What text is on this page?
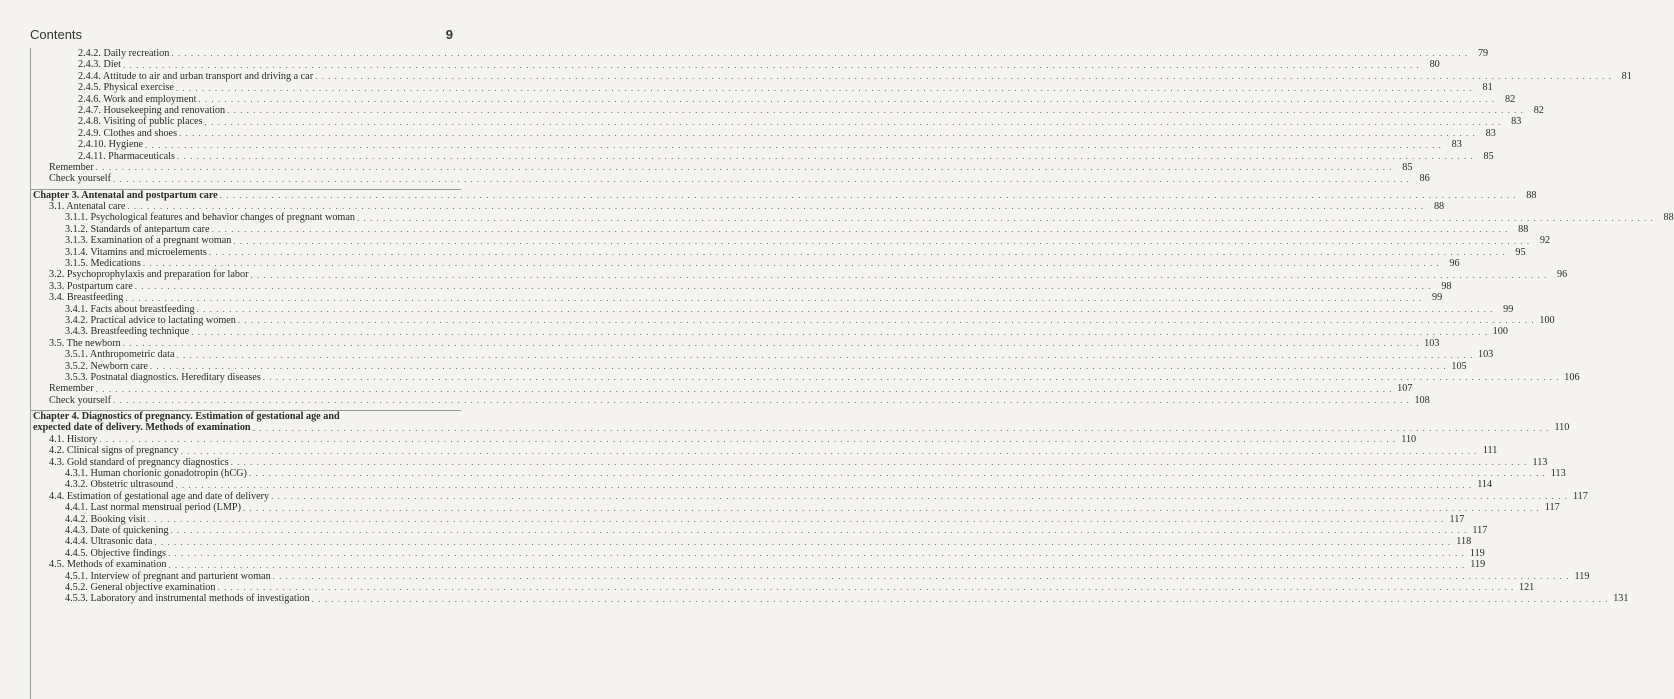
Contents	9
2.4.2. Daily recreation . . . . . . . . . . . . . . . . . . . . . . . . . . . . . . . . . . . . . . . . . . . . . . . . . . . . . . . . . . . . . . . . . . . . . . . . . . . . . . . . . . . . . . . . . . . . . . . . . . . . . . . . . . . . . . . . . . . . . . . . . . . . . . . . . . . . . . . . . . . . . . . . . . . . . . . . . . . . . . . . . . . . . . . . . . . . . . . . . . . . . . . . . . . . . . . . . . . . . . . . 79
2.4.3. Diet . . . . . . . . . . . . . . . . . . . . . . . . . . . . . . . . . . . . . . . . . . . . . . . . . . . . . . . . . . . . . . . . . . . . . . . . . . . . . . . . . . . . . . . . . . . . . . . . . . . . . . . . . . . . . . . . . . . . . . . . . . . . . . . . . . . . . . . . . . . . . . . . . . . . . . . . . . . . . . . . . . . . . . . . . . . . . . . . . . . . . . . . . . . . . . . . . . . . . . . . 80
2.4.4. Attitude to air and urban transport and driving a car . . . . . . . . . . . . . . . . . . . . . . . . . . . . . . . . . . . . . . . . . . . . . . . . . . . . . . . . . . . . . . . . . . . . . . . . . . . . . . . . . . . . . . . . . . . . . . . . . . . . . . . . . . . . . . . . . . . . . . . . . . . . . . . . . . . . . . . . . . . . . . . . . . . . . . . . . . . . . . . . . . . . . . . . . . . . . . . . . . . . . . . . . . . . . . . . . . . . . . . . 81
2.4.5. Physical exercise . . . . . . . . . . . . . . . . . . . . . . . . . . . . . . . . . . . . . . . . . . . . . . . . . . . . . . . . . . . . . . . . . . . . . . . . . . . . . . . . . . . . . . . . . . . . . . . . . . . . . . . . . . . . . . . . . . . . . . . . . . . . . . . . . . . . . . . . . . . . . . . . . . . . . . . . . . . . . . . . . . . . . . . . . . . . . . . . . . . . . . . . . . . . . . . . . . . . . . . . 81
2.4.6. Work and employment . . . . . . . . . . . . . . . . . . . . . . . . . . . . . . . . . . . . . . . . . . . . . . . . . . . . . . . . . . . . . . . . . . . . . . . . . . . . . . . . . . . . . . . . . . . . . . . . . . . . . . . . . . . . . . . . . . . . . . . . . . . . . . . . . . . . . . . . . . . . . . . . . . . . . . . . . . . . . . . . . . . . . . . . . . . . . . . . . . . . . . . . . . . . . . . . . . . . . . . . 82
2.4.7. Housekeeping and renovation . . . . . . . . . . . . . . . . . . . . . . . . . . . . . . . . . . . . . . . . . . . . . . . . . . . . . . . . . . . . . . . . . . . . . . . . . . . . . . . . . . . . . . . . . . . . . . . . . . . . . . . . . . . . . . . . . . . . . . . . . . . . . . . . . . . . . . . . . . . . . . . . . . . . . . . . . . . . . . . . . . . . . . . . . . . . . . . . . . . . . . . . . . . . . . . . . . . . . . . . 82
2.4.8. Visiting of public places . . . . . . . . . . . . . . . . . . . . . . . . . . . . . . . . . . . . . . . . . . . . . . . . . . . . . . . . . . . . . . . . . . . . . . . . . . . . . . . . . . . . . . . . . . . . . . . . . . . . . . . . . . . . . . . . . . . . . . . . . . . . . . . . . . . . . . . . . . . . . . . . . . . . . . . . . . . . . . . . . . . . . . . . . . . . . . . . . . . . . . . . . . . . . . . . . . . . . . . . 83
2.4.9. Clothes and shoes . . . . . . . . . . . . . . . . . . . . . . . . . . . . . . . . . . . . . . . . . . . . . . . . . . . . . . . . . . . . . . . . . . . . . . . . . . . . . . . . . . . . . . . . . . . . . . . . . . . . . . . . . . . . . . . . . . . . . . . . . . . . . . . . . . . . . . . . . . . . . . . . . . . . . . . . . . . . . . . . . . . . . . . . . . . . . . . . . . . . . . . . . . . . . . . . . . . . . . . . 83
2.4.10. Hygiene . . . . . . . . . . . . . . . . . . . . . . . . . . . . . . . . . . . . . . . . . . . . . . . . . . . . . . . . . . . . . . . . . . . . . . . . . . . . . . . . . . . . . . . . . . . . . . . . . . . . . . . . . . . . . . . . . . . . . . . . . . . . . . . . . . . . . . . . . . . . . . . . . . . . . . . . . . . . . . . . . . . . . . . . . . . . . . . . . . . . . . . . . . . . . . . . . . . . . . . . 83
2.4.11. Pharmaceuticals . . . . . . . . . . . . . . . . . . . . . . . . . . . . . . . . . . . . . . . . . . . . . . . . . . . . . . . . . . . . . . . . . . . . . . . . . . . . . . . . . . . . . . . . . . . . . . . . . . . . . . . . . . . . . . . . . . . . . . . . . . . . . . . . . . . . . . . . . . . . . . . . . . . . . . . . . . . . . . . . . . . . . . . . . . . . . . . . . . . . . . . . . . . . . . . . . . . . . . . . 85
Remember . . . . . . . . . . . . . . . . . . . . . . . . . . . . . . . . . . . . . . . . . . . . . . . . . . . . . . . . . . . . . . . . . . . . . . . . . . . . . . . . . . . . . . . . . . . . . . . . . . . . . . . . . . . . . . . . . . . . . . . . . . . . . . . . . . . . . . . . . . . . . . . . . . . . . . . . . . . . . . . . . . . . . . . . . . . . . . . . . . . . . . . . . . . . . . . . . . . . . . . . 85
Check yourself . . . . . . . . . . . . . . . . . . . . . . . . . . . . . . . . . . . . . . . . . . . . . . . . . . . . . . . . . . . . . . . . . . . . . . . . . . . . . . . . . . . . . . . . . . . . . . . . . . . . . . . . . . . . . . . . . . . . . . . . . . . . . . . . . . . . . . . . . . . . . . . . . . . . . . . . . . . . . . . . . . . . . . . . . . . . . . . . . . . . . . . . . . . . . . . . . . . . . . . . 86
Chapter 3. Antenatal and postpartum care . . . . . . . . . . . . . . . . . . . . . . . . . . . . . . . . . . . . . . . . . . . . . . . . . . . . . . . . . . . . . . . . . . . . . . . . . . . . . . . . . . . . . . . . . . . . . . . . . . . . . . . . . . . . . . . . . . . . . . . . . . . . . . . . . . . . . . . . . . . . . . . . . . . . . . . . . . . . . . . . . . . . . . . . . . . . . . . . . . . . . . . . . . . . . . . . . . . . . . . . 88
3.1. Antenatal care . . . . . . . . . . . . . . . . . . . . . . . . . . . . . . . . . . . . . . . . . . . . . . . . . . . . . . . . . . . . . . . . . . . . . . . . . . . . . . . . . . . . . . . . . . . . . . . . . . . . . . . . . . . . . . . . . . . . . . . . . . . . . . . . . . . . . . . . . . . . . . . . . . . . . . . . . . . . . . . . . . . . . . . . . . . . . . . . . . . . . . . . . . . . . . . . . . . . . . . . 88
3.1.1. Psychological features and behavior changes of pregnant woman . . . . . . . . . . . . . . . . . . . . . . . . . . . . . . . . . . . . . . . . . . . . . . . . . . . . . . . . . . . . . . . . . . . . . . . . . . . . . . . . . . . . . . . . . . . . . . . . . . . . . . . . . . . . . . . . . . . . . . . . . . . . . . . . . . . . . . . . . . . . . . . . . . . . . . . . . . . . . . . . . . . . . . . . . . . . . . . . . . . . . . . . . . . . . . . . . . . . . . . . 88
3.1.2. Standards of antepartum care . . . . . . . . . . . . . . . . . . . . . . . . . . . . . . . . . . . . . . . . . . . . . . . . . . . . . . . . . . . . . . . . . . . . . . . . . . . . . . . . . . . . . . . . . . . . . . . . . . . . . . . . . . . . . . . . . . . . . . . . . . . . . . . . . . . . . . . . . . . . . . . . . . . . . . . . . . . . . . . . . . . . . . . . . . . . . . . . . . . . . . . . . . . . . . . . . . . . . . . . 88
3.1.3. Examination of a pregnant woman . . . . . . . . . . . . . . . . . . . . . . . . . . . . . . . . . . . . . . . . . . . . . . . . . . . . . . . . . . . . . . . . . . . . . . . . . . . . . . . . . . . . . . . . . . . . . . . . . . . . . . . . . . . . . . . . . . . . . . . . . . . . . . . . . . . . . . . . . . . . . . . . . . . . . . . . . . . . . . . . . . . . . . . . . . . . . . . . . . . . . . . . . . . . . . . . . . . . . . . . 92
3.1.4. Vitamins and microelements . . . . . . . . . . . . . . . . . . . . . . . . . . . . . . . . . . . . . . . . . . . . . . . . . . . . . . . . . . . . . . . . . . . . . . . . . . . . . . . . . . . . . . . . . . . . . . . . . . . . . . . . . . . . . . . . . . . . . . . . . . . . . . . . . . . . . . . . . . . . . . . . . . . . . . . . . . . . . . . . . . . . . . . . . . . . . . . . . . . . . . . . . . . . . . . . . . . . . . . . 95
3.1.5. Medications . . . . . . . . . . . . . . . . . . . . . . . . . . . . . . . . . . . . . . . . . . . . . . . . . . . . . . . . . . . . . . . . . . . . . . . . . . . . . . . . . . . . . . . . . . . . . . . . . . . . . . . . . . . . . . . . . . . . . . . . . . . . . . . . . . . . . . . . . . . . . . . . . . . . . . . . . . . . . . . . . . . . . . . . . . . . . . . . . . . . . . . . . . . . . . . . . . . . . . . . 96
3.2. Psychoprophylaxis and preparation for labor . . . . . . . . . . . . . . . . . . . . . . . . . . . . . . . . . . . . . . . . . . . . . . . . . . . . . . . . . . . . . . . . . . . . . . . . . . . . . . . . . . . . . . . . . . . . . . . . . . . . . . . . . . . . . . . . . . . . . . . . . . . . . . . . . . . . . . . . . . . . . . . . . . . . . . . . . . . . . . . . . . . . . . . . . . . . . . . . . . . . . . . . . . . . . . . . . . . . . . . . 96
3.3. Postpartum care . . . . . . . . . . . . . . . . . . . . . . . . . . . . . . . . . . . . . . . . . . . . . . . . . . . . . . . . . . . . . . . . . . . . . . . . . . . . . . . . . . . . . . . . . . . . . . . . . . . . . . . . . . . . . . . . . . . . . . . . . . . . . . . . . . . . . . . . . . . . . . . . . . . . . . . . . . . . . . . . . . . . . . . . . . . . . . . . . . . . . . . . . . . . . . . . . . . . . . . . 98
3.4. Breastfeeding . . . . . . . . . . . . . . . . . . . . . . . . . . . . . . . . . . . . . . . . . . . . . . . . . . . . . . . . . . . . . . . . . . . . . . . . . . . . . . . . . . . . . . . . . . . . . . . . . . . . . . . . . . . . . . . . . . . . . . . . . . . . . . . . . . . . . . . . . . . . . . . . . . . . . . . . . . . . . . . . . . . . . . . . . . . . . . . . . . . . . . . . . . . . . . . . . . . . . . . . 99
3.4.1. Facts about breastfeeding . . . . . . . . . . . . . . . . . . . . . . . . . . . . . . . . . . . . . . . . . . . . . . . . . . . . . . . . . . . . . . . . . . . . . . . . . . . . . . . . . . . . . . . . . . . . . . . . . . . . . . . . . . . . . . . . . . . . . . . . . . . . . . . . . . . . . . . . . . . . . . . . . . . . . . . . . . . . . . . . . . . . . . . . . . . . . . . . . . . . . . . . . . . . . . . . . . . . . . . . 99
3.4.2. Practical advice to lactating women . . . . . . . . . . . . . . . . . . . . . . . . . . . . . . . . . . . . . . . . . . . . . . . . . . . . . . . . . . . . . . . . . . . . . . . . . . . . . . . . . . . . . . . . . . . . . . . . . . . . . . . . . . . . . . . . . . . . . . . . . . . . . . . . . . . . . . . . . . . . . . . . . . . . . . . . . . . . . . . . . . . . . . . . . . . . . . . . . . . . . . . . . . . . . . . . . . . . . . . . 100
3.4.3. Breastfeeding technique . . . . . . . . . . . . . . . . . . . . . . . . . . . . . . . . . . . . . . . . . . . . . . . . . . . . . . . . . . . . . . . . . . . . . . . . . . . . . . . . . . . . . . . . . . . . . . . . . . . . . . . . . . . . . . . . . . . . . . . . . . . . . . . . . . . . . . . . . . . . . . . . . . . . . . . . . . . . . . . . . . . . . . . . . . . . . . . . . . . . . . . . . . . . . . . . . . . . . . . . 100
3.5. The newborn . . . . . . . . . . . . . . . . . . . . . . . . . . . . . . . . . . . . . . . . . . . . . . . . . . . . . . . . . . . . . . . . . . . . . . . . . . . . . . . . . . . . . . . . . . . . . . . . . . . . . . . . . . . . . . . . . . . . . . . . . . . . . . . . . . . . . . . . . . . . . . . . . . . . . . . . . . . . . . . . . . . . . . . . . . . . . . . . . . . . . . . . . . . . . . . . . . . . . . . . 103
3.5.1. Anthropometric data . . . . . . . . . . . . . . . . . . . . . . . . . . . . . . . . . . . . . . . . . . . . . . . . . . . . . . . . . . . . . . . . . . . . . . . . . . . . . . . . . . . . . . . . . . . . . . . . . . . . . . . . . . . . . . . . . . . . . . . . . . . . . . . . . . . . . . . . . . . . . . . . . . . . . . . . . . . . . . . . . . . . . . . . . . . . . . . . . . . . . . . . . . . . . . . . . . . . . . . . 103
3.5.2. Newborn care . . . . . . . . . . . . . . . . . . . . . . . . . . . . . . . . . . . . . . . . . . . . . . . . . . . . . . . . . . . . . . . . . . . . . . . . . . . . . . . . . . . . . . . . . . . . . . . . . . . . . . . . . . . . . . . . . . . . . . . . . . . . . . . . . . . . . . . . . . . . . . . . . . . . . . . . . . . . . . . . . . . . . . . . . . . . . . . . . . . . . . . . . . . . . . . . . . . . . . . . 105
3.5.3. Postnatal diagnostics. Hereditary diseases . . . . . . . . . . . . . . . . . . . . . . . . . . . . . . . . . . . . . . . . . . . . . . . . . . . . . . . . . . . . . . . . . . . . . . . . . . . . . . . . . . . . . . . . . . . . . . . . . . . . . . . . . . . . . . . . . . . . . . . . . . . . . . . . . . . . . . . . . . . . . . . . . . . . . . . . . . . . . . . . . . . . . . . . . . . . . . . . . . . . . . . . . . . . . . . . . . . . . . . . 106
Remember . . . . . . . . . . . . . . . . . . . . . . . . . . . . . . . . . . . . . . . . . . . . . . . . . . . . . . . . . . . . . . . . . . . . . . . . . . . . . . . . . . . . . . . . . . . . . . . . . . . . . . . . . . . . . . . . . . . . . . . . . . . . . . . . . . . . . . . . . . . . . . . . . . . . . . . . . . . . . . . . . . . . . . . . . . . . . . . . . . . . . . . . . . . . . . . . . . . . . . . . 107
Check yourself . . . . . . . . . . . . . . . . . . . . . . . . . . . . . . . . . . . . . . . . . . . . . . . . . . . . . . . . . . . . . . . . . . . . . . . . . . . . . . . . . . . . . . . . . . . . . . . . . . . . . . . . . . . . . . . . . . . . . . . . . . . . . . . . . . . . . . . . . . . . . . . . . . . . . . . . . . . . . . . . . . . . . . . . . . . . . . . . . . . . . . . . . . . . . . . . . . . . . . . . 108
Chapter 4. Diagnostics of pregnancy. Estimation of gestational age and
expected date of delivery. Methods of examination . . . . . . . . . . . . . . . . . . . . . . . . . . . . . . . . . . . . . . . . . . . . . . . . . . . . . . . . . . . . . . . . . . . . . . . . . . . . . . . . . . . . . . . . . . . . . . . . . . . . . . . . . . . . . . . . . . . . . . . . . . . . . . . . . . . . . . . . . . . . . . . . . . . . . . . . . . . . . . . . . . . . . . . . . . . . . . . . . . . . . . . . . . . . . . . . . . . . . . . . 110
4.1. History . . . . . . . . . . . . . . . . . . . . . . . . . . . . . . . . . . . . . . . . . . . . . . . . . . . . . . . . . . . . . . . . . . . . . . . . . . . . . . . . . . . . . . . . . . . . . . . . . . . . . . . . . . . . . . . . . . . . . . . . . . . . . . . . . . . . . . . . . . . . . . . . . . . . . . . . . . . . . . . . . . . . . . . . . . . . . . . . . . . . . . . . . . . . . . . . . . . . . . . . 110
4.2. Clinical signs of pregnancy . . . . . . . . . . . . . . . . . . . . . . . . . . . . . . . . . . . . . . . . . . . . . . . . . . . . . . . . . . . . . . . . . . . . . . . . . . . . . . . . . . . . . . . . . . . . . . . . . . . . . . . . . . . . . . . . . . . . . . . . . . . . . . . . . . . . . . . . . . . . . . . . . . . . . . . . . . . . . . . . . . . . . . . . . . . . . . . . . . . . . . . . . . . . . . . . . . . . . . . . 111
4.3. Gold standard of pregnancy diagnostics . . . . . . . . . . . . . . . . . . . . . . . . . . . . . . . . . . . . . . . . . . . . . . . . . . . . . . . . . . . . . . . . . . . . . . . . . . . . . . . . . . . . . . . . . . . . . . . . . . . . . . . . . . . . . . . . . . . . . . . . . . . . . . . . . . . . . . . . . . . . . . . . . . . . . . . . . . . . . . . . . . . . . . . . . . . . . . . . . . . . . . . . . . . . . . . . . . . . . . . . 113
4.3.1. Human chorionic gonadotropin (hCG) . . . . . . . . . . . . . . . . . . . . . . . . . . . . . . . . . . . . . . . . . . . . . . . . . . . . . . . . . . . . . . . . . . . . . . . . . . . . . . . . . . . . . . . . . . . . . . . . . . . . . . . . . . . . . . . . . . . . . . . . . . . . . . . . . . . . . . . . . . . . . . . . . . . . . . . . . . . . . . . . . . . . . . . . . . . . . . . . . . . . . . . . . . . . . . . . . . . . . . . . 113
4.3.2. Obstetric ultrasound . . . . . . . . . . . . . . . . . . . . . . . . . . . . . . . . . . . . . . . . . . . . . . . . . . . . . . . . . . . . . . . . . . . . . . . . . . . . . . . . . . . . . . . . . . . . . . . . . . . . . . . . . . . . . . . . . . . . . . . . . . . . . . . . . . . . . . . . . . . . . . . . . . . . . . . . . . . . . . . . . . . . . . . . . . . . . . . . . . . . . . . . . . . . . . . . . . . . . . . . 114
4.4. Estimation of gestational age and date of delivery . . . . . . . . . . . . . . . . . . . . . . . . . . . . . . . . . . . . . . . . . . . . . . . . . . . . . . . . . . . . . . . . . . . . . . . . . . . . . . . . . . . . . . . . . . . . . . . . . . . . . . . . . . . . . . . . . . . . . . . . . . . . . . . . . . . . . . . . . . . . . . . . . . . . . . . . . . . . . . . . . . . . . . . . . . . . . . . . . . . . . . . . . . . . . . . . . . . . . . . . 117
4.4.1. Last normal menstrual period (LMP) . . . . . . . . . . . . . . . . . . . . . . . . . . . . . . . . . . . . . . . . . . . . . . . . . . . . . . . . . . . . . . . . . . . . . . . . . . . . . . . . . . . . . . . . . . . . . . . . . . . . . . . . . . . . . . . . . . . . . . . . . . . . . . . . . . . . . . . . . . . . . . . . . . . . . . . . . . . . . . . . . . . . . . . . . . . . . . . . . . . . . . . . . . . . . . . . . . . . . . . . 117
4.4.2. Booking visit . . . . . . . . . . . . . . . . . . . . . . . . . . . . . . . . . . . . . . . . . . . . . . . . . . . . . . . . . . . . . . . . . . . . . . . . . . . . . . . . . . . . . . . . . . . . . . . . . . . . . . . . . . . . . . . . . . . . . . . . . . . . . . . . . . . . . . . . . . . . . . . . . . . . . . . . . . . . . . . . . . . . . . . . . . . . . . . . . . . . . . . . . . . . . . . . . . . . . . . . 117
4.4.3. Date of quickening . . . . . . . . . . . . . . . . . . . . . . . . . . . . . . . . . . . . . . . . . . . . . . . . . . . . . . . . . . . . . . . . . . . . . . . . . . . . . . . . . . . . . . . . . . . . . . . . . . . . . . . . . . . . . . . . . . . . . . . . . . . . . . . . . . . . . . . . . . . . . . . . . . . . . . . . . . . . . . . . . . . . . . . . . . . . . . . . . . . . . . . . . . . . . . . . . . . . . . . . 117
4.4.4. Ultrasonic data . . . . . . . . . . . . . . . . . . . . . . . . . . . . . . . . . . . . . . . . . . . . . . . . . . . . . . . . . . . . . . . . . . . . . . . . . . . . . . . . . . . . . . . . . . . . . . . . . . . . . . . . . . . . . . . . . . . . . . . . . . . . . . . . . . . . . . . . . . . . . . . . . . . . . . . . . . . . . . . . . . . . . . . . . . . . . . . . . . . . . . . . . . . . . . . . . . . . . . . . 118
4.4.5. Objective findings . . . . . . . . . . . . . . . . . . . . . . . . . . . . . . . . . . . . . . . . . . . . . . . . . . . . . . . . . . . . . . . . . . . . . . . . . . . . . . . . . . . . . . . . . . . . . . . . . . . . . . . . . . . . . . . . . . . . . . . . . . . . . . . . . . . . . . . . . . . . . . . . . . . . . . . . . . . . . . . . . . . . . . . . . . . . . . . . . . . . . . . . . . . . . . . . . . . . . . . . 119
4.5. Methods of examination . . . . . . . . . . . . . . . . . . . . . . . . . . . . . . . . . . . . . . . . . . . . . . . . . . . . . . . . . . . . . . . . . . . . . . . . . . . . . . . . . . . . . . . . . . . . . . . . . . . . . . . . . . . . . . . . . . . . . . . . . . . . . . . . . . . . . . . . . . . . . . . . . . . . . . . . . . . . . . . . . . . . . . . . . . . . . . . . . . . . . . . . . . . . . . . . . . . . . . . . 119
4.5.1. Interview of pregnant and parturient woman . . . . . . . . . . . . . . . . . . . . . . . . . . . . . . . . . . . . . . . . . . . . . . . . . . . . . . . . . . . . . . . . . . . . . . . . . . . . . . . . . . . . . . . . . . . . . . . . . . . . . . . . . . . . . . . . . . . . . . . . . . . . . . . . . . . . . . . . . . . . . . . . . . . . . . . . . . . . . . . . . . . . . . . . . . . . . . . . . . . . . . . . . . . . . . . . . . . . . . . . 119
4.5.2. General objective examination . . . . . . . . . . . . . . . . . . . . . . . . . . . . . . . . . . . . . . . . . . . . . . . . . . . . . . . . . . . . . . . . . . . . . . . . . . . . . . . . . . . . . . . . . . . . . . . . . . . . . . . . . . . . . . . . . . . . . . . . . . . . . . . . . . . . . . . . . . . . . . . . . . . . . . . . . . . . . . . . . . . . . . . . . . . . . . . . . . . . . . . . . . . . . . . . . . . . . . . . 121
4.5.3. Laboratory and instrumental methods of investigation . . . . . . . . . . . . . . . . . . . . . . . . . . . . . . . . . . . . . . . . . . . . . . . . . . . . . . . . . . . . . . . . . . . . . . . . . . . . . . . . . . . . . . . . . . . . . . . . . . . . . . . . . . . . . . . . . . . . . . . . . . . . . . . . . . . . . . . . . . . . . . . . . . . . . . . . . . . . . . . . . . . . . . . . . . . . . . . . . . . . . . . . . . . . . . . . . . . . . . . . 131
